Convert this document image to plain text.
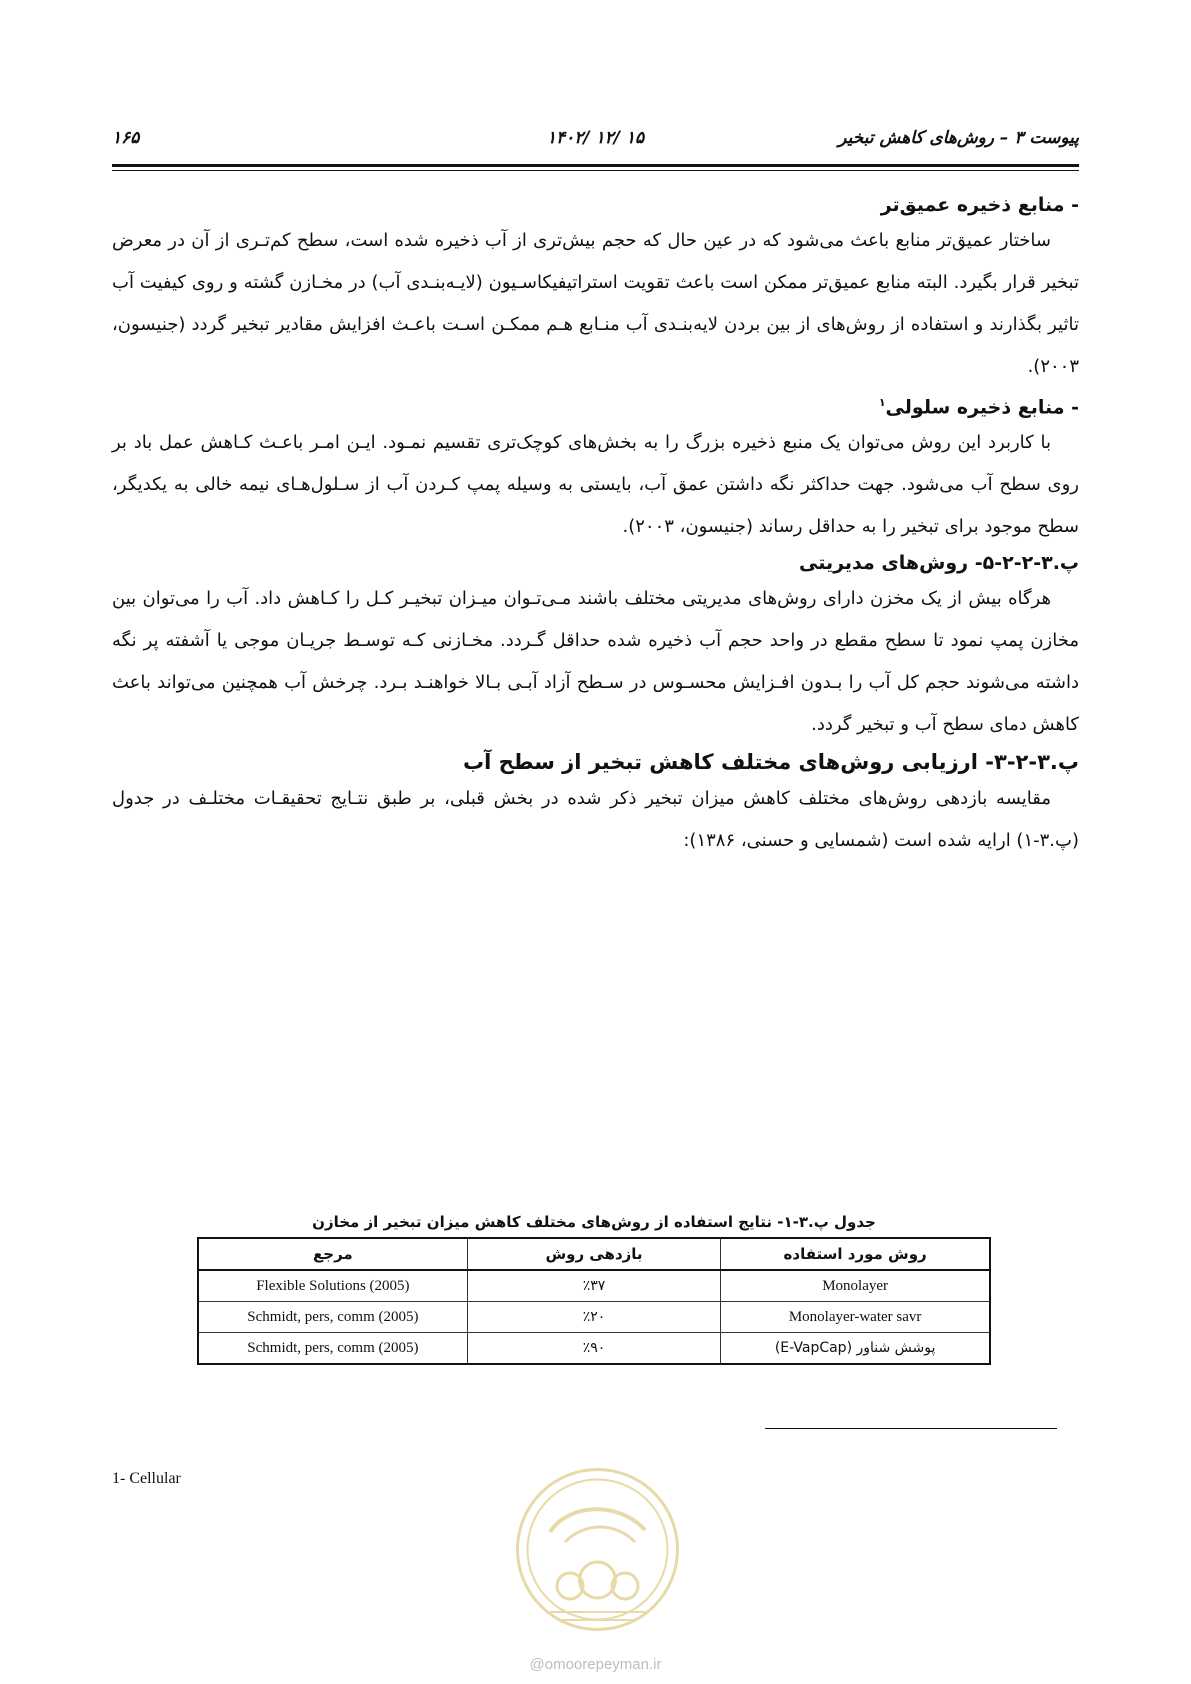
پیوست ۳ – روش‌های کاهش تبخیر
۱۴۰۲/ ۱۲/ ۱۵
۱۶۵
- منابع ذخیره عمیق‌تر

ساختار عمیق‌تر منابع باعث می‌شود که در عین حال که حجم بیش‌تری از آب ذخیره شده است، سطح کم‌تـری از آن در معرض تبخیر قرار بگیرد. البته منابع عمیق‌تر ممکن است باعث تقویت استراتیفیکاسـیون (لایـه‌بنـدی آب) در مخـازن گشته و روی کیفیت آب تاثیر بگذارند و استفاده از روش‌های از بین بردن لایه‌بنـدی آب منـابع هـم ممکـن اسـت باعـث افزایش مقادیر تبخیر گردد (جنیسون، ۲۰۰۳).

- منابع ذخیره سلولی$^۱$

با کاربرد این روش می‌توان یک منبع ذخیره بزرگ را به بخش‌های کوچک‌تری تقسیم نمـود. ایـن امـر باعـث کـاهش عمل باد بر روی سطح آب می‌شود. جهت حداکثر نگه داشتن عمق آب، بایستی به وسیله پمپ کـردن آب از سـلول‌هـای نیمه خالی به یکدیگر، سطح موجود برای تبخیر را به حداقل رساند (جنیسون، ۲۰۰۳).

پ.۳-۲-۲-۵- روش‌های مدیریتی

هرگاه بیش از یک مخزن دارای روش‌های مدیریتی مختلف باشند مـی‌تـوان میـزان تبخیـر کـل را کـاهش داد. آب را می‌توان بین مخازن پمپ نمود تا سطح مقطع در واحد حجم آب ذخیره شده حداقل گـردد. مخـازنی کـه توسـط جریـان موجی یا آشفته پر نگه داشته می‌شوند حجم کل آب را بـدون افـزایش محسـوس در سـطح آزاد آبـی بـالا خواهنـد بـرد. چرخش آب همچنین می‌تواند باعث کاهش دمای سطح آب و تبخیر گردد.

پ.۳-۲-۳- ارزیابی روش‌های مختلف کاهش تبخیر از سطح آب

مقایسه بازدهی روش‌های مختلف کاهش میزان تبخیر ذکر شده در بخش قبلی، بر طبق نتـایج تحقیقـات مختلـف در جدول (پ.۳-۱) ارایه شده است (شمسایی و حسنی، ۱۳۸۶):

جدول پ.۳-۱- نتایج استفاده از روش‌های مختلف کاهش میزان تبخیر از مخازن
روش مورد استفاده	بازدهی روش	مرجع
Monolayer	٪۳۷	Flexible Solutions (2005)
Monolayer-water savr	٪۲۰	Schmidt, pers, comm (2005)
پوشش شناور (E-VapCap)	٪۹۰	Schmidt, pers, comm (2005)
1- Cellular
@omoorepeyman.ir
